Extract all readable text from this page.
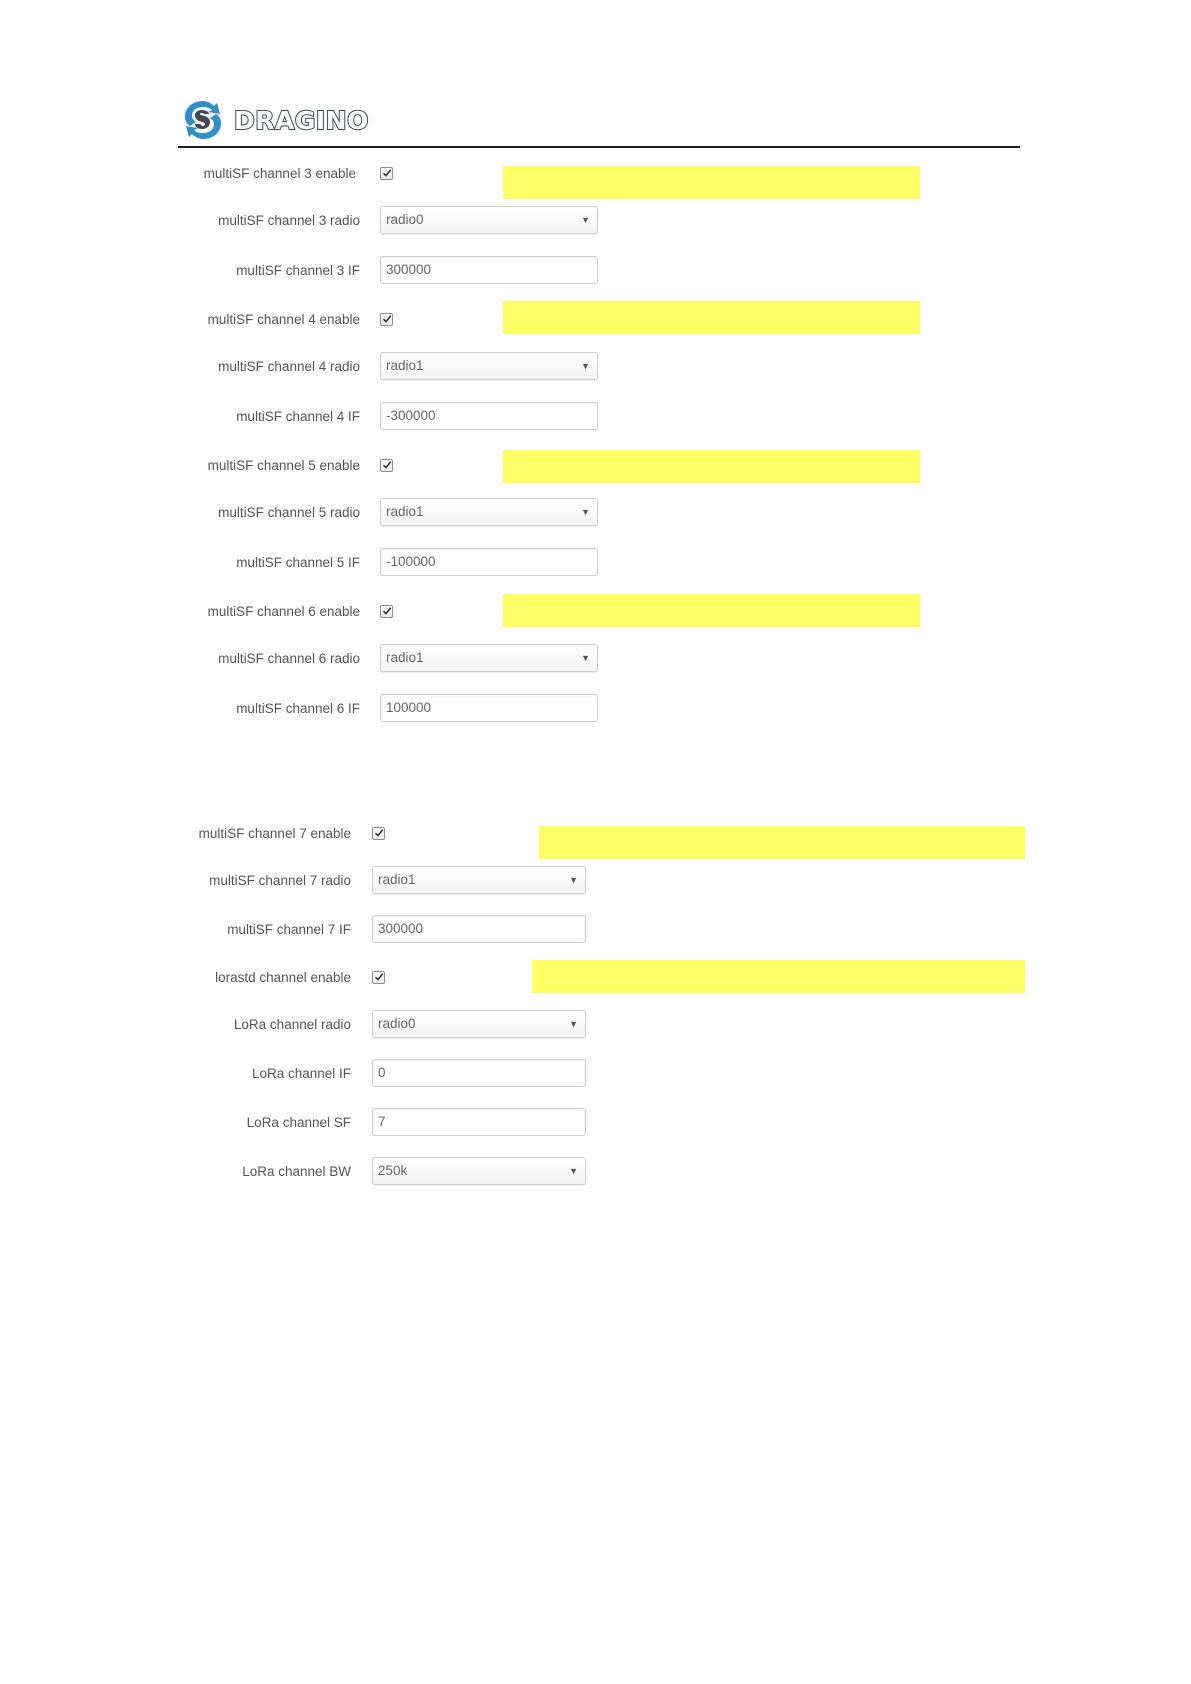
DRAGINO
multiSF channel 3 enable
multiSF channel 3 radio radio0	▼
multiSF channel 3 IF 300000
multiSF channel 4 enable
multiSF channel 4 radio radio1	▼
multiSF channel 4 IF -300000
multiSF channel 5 enable
multiSF channel 5 radio radio1	▼
multiSF channel 5 IF -100000
multiSF channel 6 enable
multiSF channel 6 radio radio1	▼
multiSF channel 6 IF 100000
multiSF channel 7 enable
multiSF channel 7 radio radio1	▼
multiSF channel 7 IF 300000
lorastd channel enable
LoRa channel radio radio0	▼
LoRa channel IF 0
LoRa channel SF 7
LoRa channel BW 250k	▼
